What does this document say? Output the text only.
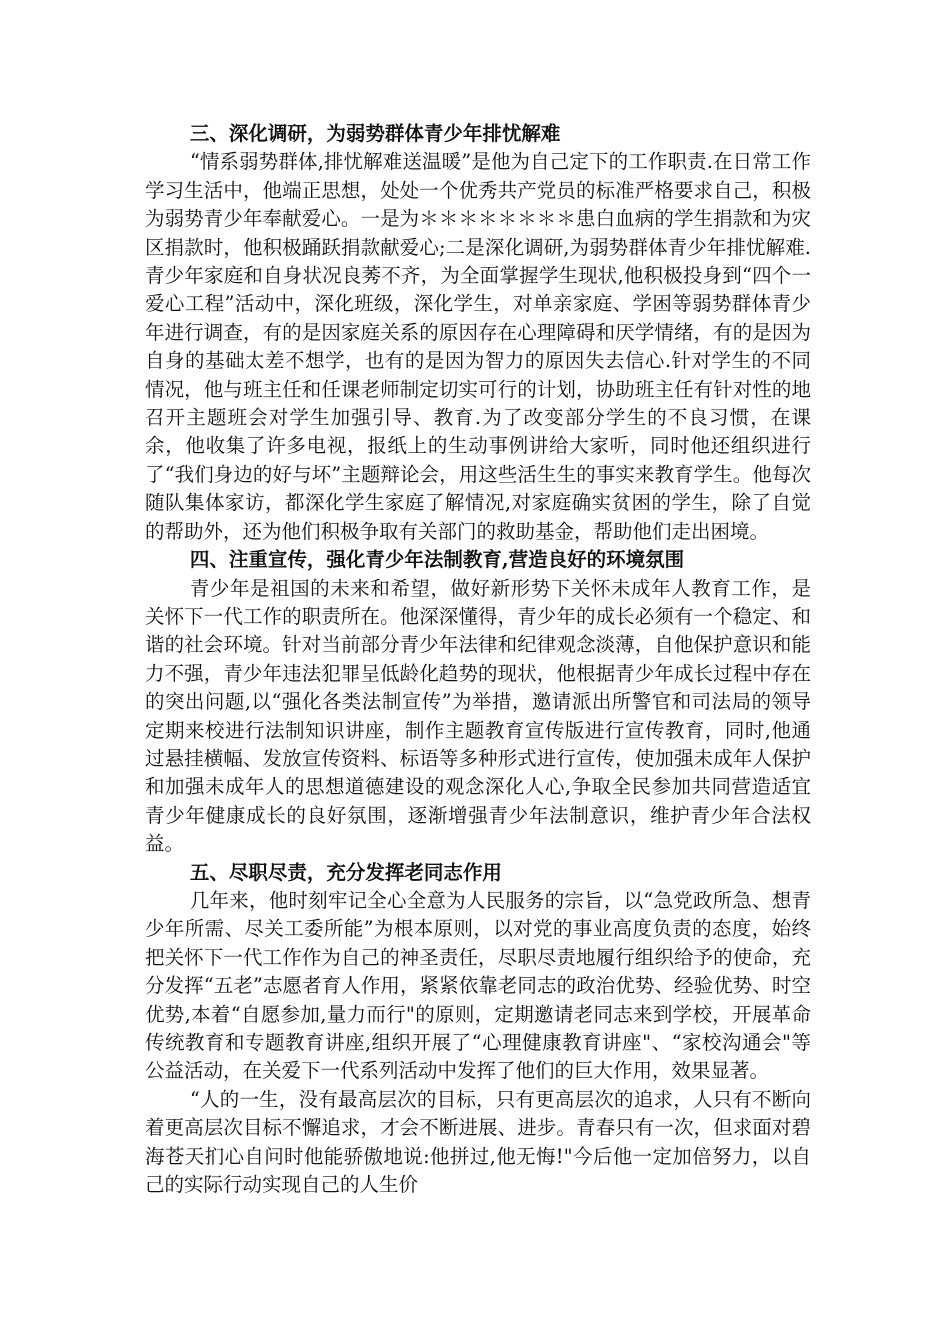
三、深化调研，为弱势群体青少年排忧解难

“情系弱势群体,排忧解难送温暖”是他为自己定下的工作职责.在日常工作学习生活中，他端正思想，处处一个优秀共产党员的标准严格要求自己，积极为弱势青少年奉献爱心。一是为＊＊＊＊＊＊＊＊患白血病的学生捐款和为灾区捐款时，他积极踊跃捐款献爱心;二是深化调研,为弱势群体青少年排忧解难.青少年家庭和自身状况良莠不齐，为全面掌握学生现状,他积极投身到“四个一爱心工程”活动中，深化班级，深化学生，对单亲家庭、学困等弱势群体青少年进行调查，有的是因家庭关系的原因存在心理障碍和厌学情绪，有的是因为自身的基础太差不想学，也有的是因为智力的原因失去信心.针对学生的不同情况，他与班主任和任课老师制定切实可行的计划，协助班主任有针对性的地召开主题班会对学生加强引导、教育.为了改变部分学生的不良习惯，在课余，他收集了许多电视，报纸上的生动事例讲给大家听，同时他还组织进行了“我们身边的好与坏”主题辩论会，用这些活生生的事实来教育学生。他每次随队集体家访，都深化学生家庭了解情况,对家庭确实贫困的学生，除了自觉的帮助外，还为他们积极争取有关部门的救助基金，帮助他们走出困境。

四、注重宣传，强化青少年法制教育,营造良好的环境氛围

青少年是祖国的未来和希望，做好新形势下关怀未成年人教育工作，是关怀下一代工作的职责所在。他深深懂得，青少年的成长必须有一个稳定、和谐的社会环境。针对当前部分青少年法律和纪律观念淡薄，自他保护意识和能力不强，青少年违法犯罪呈低龄化趋势的现状，他根据青少年成长过程中存在的突出问题,以“强化各类法制宣传”为举措，邀请派出所警官和司法局的领导定期来校进行法制知识讲座，制作主题教育宣传版进行宣传教育，同时,他通过悬挂横幅、发放宣传资料、标语等多种形式进行宣传，使加强未成年人保护和加强未成年人的思想道德建设的观念深化人心,争取全民参加共同营造适宜青少年健康成长的良好氛围，逐渐增强青少年法制意识，维护青少年合法权益。

五、尽职尽责，充分发挥老同志作用

几年来，他时刻牢记全心全意为人民服务的宗旨，以“急党政所急、想青少年所需、尽关工委所能”为根本原则，以对党的事业高度负责的态度，始终把关怀下一代工作作为自己的神圣责任，尽职尽责地履行组织给予的使命，充分发挥“五老”志愿者育人作用，紧紧依靠老同志的政治优势、经验优势、时空优势,本着“自愿参加,量力而行"的原则，定期邀请老同志来到学校，开展革命传统教育和专题教育讲座,组织开展了“心理健康教育讲座"、“家校沟通会"等公益活动，在关爱下一代系列活动中发挥了他们的巨大作用，效果显著。

“人的一生，没有最高层次的目标，只有更高层次的追求，人只有不断向着更高层次目标不懈追求，才会不断进展、进步。青春只有一次，但求面对碧海苍天扪心自问时他能骄傲地说:他拼过,他无悔!"今后他一定加倍努力，以自己的实际行动实现自己的人生价
